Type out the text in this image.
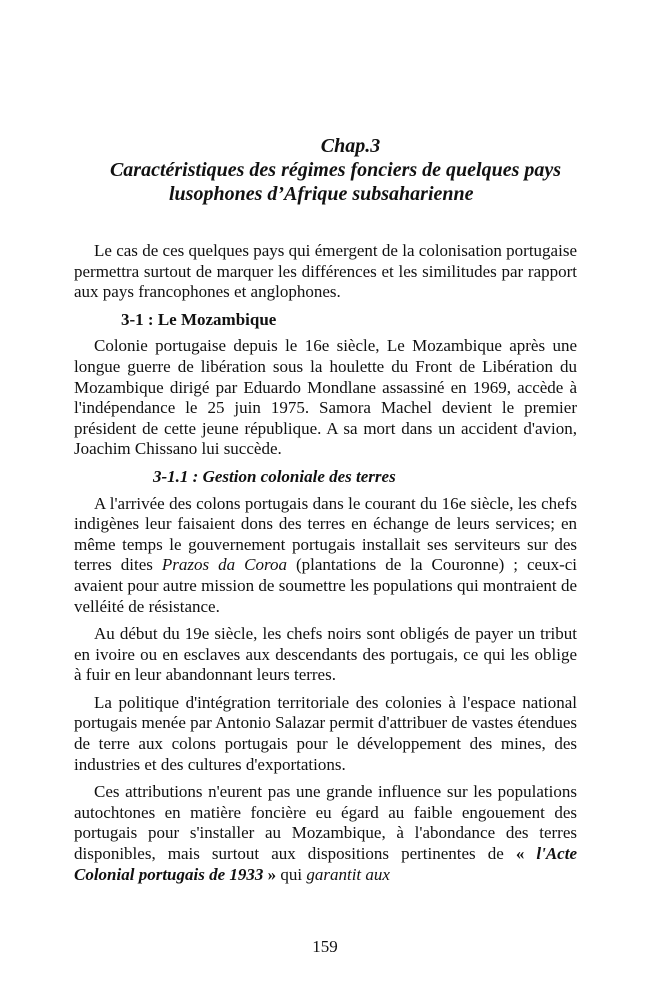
Chap.3
Caractéristiques des régimes fonciers de quelques pays
lusophones d’Afrique subsaharienne

Le cas de ces quelques pays qui émergent de la colonisation portugaise permettra surtout de marquer les différences et les similitudes par rapport aux pays francophones et anglophones.

3-1 : Le Mozambique

Colonie portugaise depuis le 16e siècle, Le Mozambique après une longue guerre de libération sous la houlette du Front de Libération du Mozambique dirigé par Eduardo Mondlane assassiné en 1969, accède à l'indépendance le 25 juin 1975. Samora Machel devient le premier président de cette jeune république. A sa mort dans un accident d'avion, Joachim Chissano lui succède.

3-1.1 : Gestion coloniale des terres

A l'arrivée des colons portugais dans le courant du 16e siècle, les chefs indigènes leur faisaient dons des terres en échange de leurs services; en même temps le gouvernement portugais installait ses serviteurs sur des terres dites Prazos da Coroa (plantations de la Couronne) ; ceux-ci avaient pour autre mission de soumettre les populations qui montraient de velléité de résistance.

Au début du 19e siècle, les chefs noirs sont obligés de payer un tribut en ivoire ou en esclaves aux descendants des portugais, ce qui les oblige à fuir en leur abandonnant leurs terres.

La politique d'intégration territoriale des colonies à l'espace national portugais menée par Antonio Salazar permit d'attribuer de vastes étendues de terre aux colons portugais pour le développement des mines, des industries et des cultures d'exportations.

Ces attributions n'eurent pas une grande influence sur les populations autochtones en matière foncière eu égard au faible engouement des portugais pour s'installer au Mozambique, à l'abondance des terres disponibles, mais surtout aux dispositions pertinentes de « l'Acte Colonial portugais de 1933 » qui garantit aux

159
